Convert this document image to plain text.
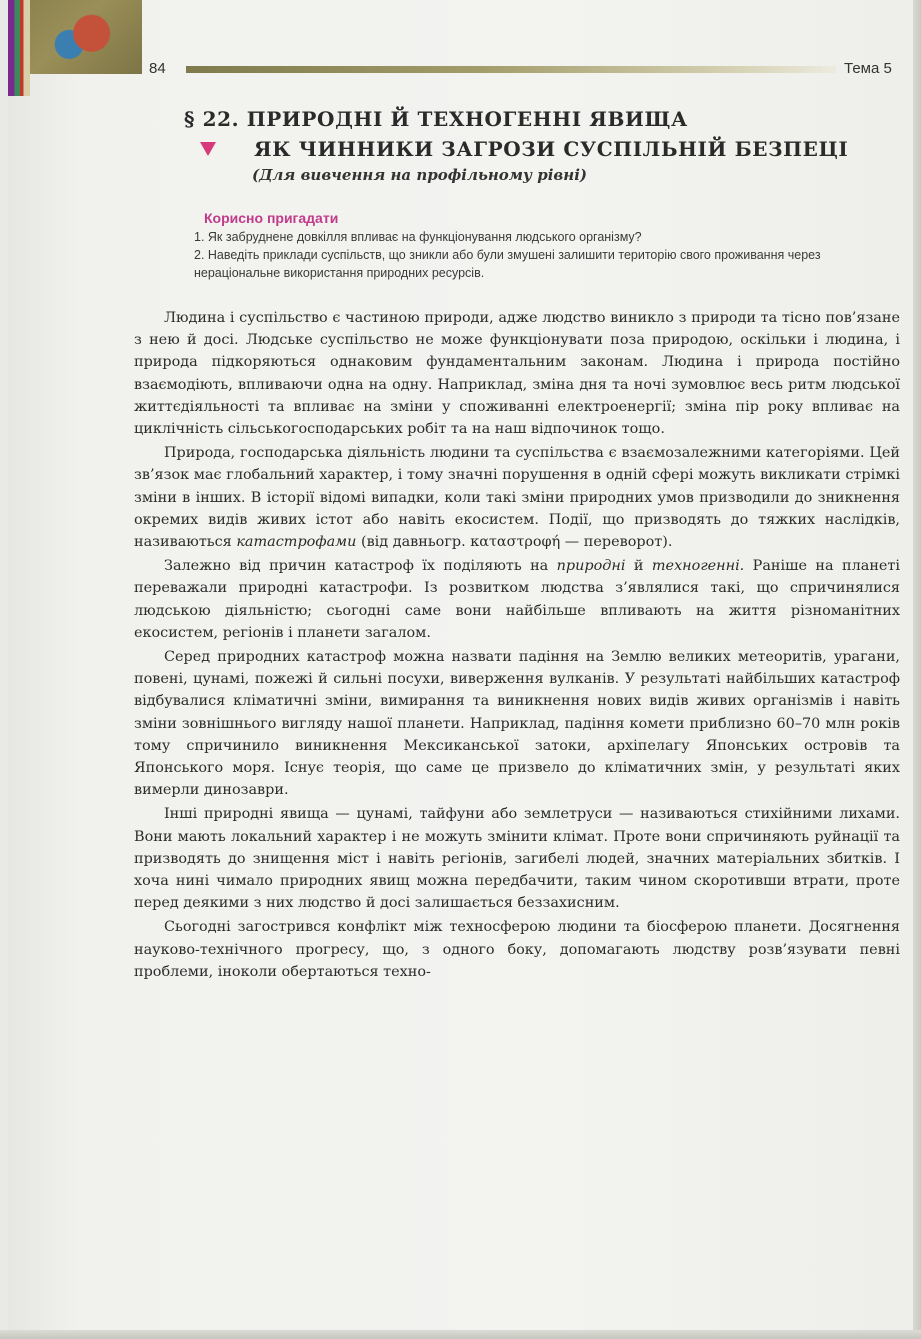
84	Тема 5
§ 22. ПРИРОДНІ Й ТЕХНОГЕННІ ЯВИЩА
ЯК ЧИННИКИ ЗАГРОЗИ СУСПІЛЬНІЙ БЕЗПЕЦІ
(Для вивчення на профільному рівні)
Корисно пригадати
1. Як забруднене довкілля впливає на функціонування людського організму?
2. Наведіть приклади суспільств, що зникли або були змушені залишити територію свого проживання через нераціональне використання природних ресурсів.

Людина і суспільство є частиною природи, адже людство виникло з природи та тісно пов’язане з нею й досі. Людське суспільство не може функціонувати поза природою, оскільки і людина, і природа підкоряються однаковим фундаментальним законам. Людина і природа постійно взаємодіють, впливаючи одна на одну. Наприклад, зміна дня та ночі зумовлює весь ритм людської життєдіяльності та впливає на зміни у споживанні електроенергії; зміна пір року впливає на циклічність сільськогосподарських робіт та на наш відпочинок тощо.

Природа, господарська діяльність людини та суспільства є взаємозалежними категоріями. Цей зв’язок має глобальний характер, і тому значні порушення в одній сфері можуть викликати стрімкі зміни в інших. В історії відомі випадки, коли такі зміни природних умов призводили до зникнення окремих видів живих істот або навіть екосистем. Події, що призводять до тяжких наслідків, називаються катастрофами (від давньогр. καταστροφή — переворот).

Залежно від причин катастроф їх поділяють на природні й техногенні. Раніше на планеті переважали природні катастрофи. Із розвитком людства з’являлися такі, що спричинялися людською діяльністю; сьогодні саме вони найбільше впливають на життя різноманітних екосистем, регіонів і планети загалом.

Серед природних катастроф можна назвати падіння на Землю великих метеоритів, урагани, повені, цунамі, пожежі й сильні посухи, виверження вулканів. У результаті найбільших катастроф відбувалися кліматичні зміни, вимирання та виникнення нових видів живих організмів і навіть зміни зовнішнього вигляду нашої планети. Наприклад, падіння комети приблизно 60–70 млн років тому спричинило виникнення Мексиканської затоки, архіпелагу Японських островів та Японського моря. Існує теорія, що саме це призвело до кліматичних змін, у результаті яких вимерли динозаври.

Інші природні явища — цунамі, тайфуни або землетруси — називаються стихійними лихами. Вони мають локальний характер і не можуть змінити клімат. Проте вони спричиняють руйнації та призводять до знищення міст і навіть регіонів, загибелі людей, значних матеріальних збитків. І хоча нині чимало природних явищ можна передбачити, таким чином скоротивши втрати, проте перед деякими з них людство й досі залишається беззахисним.

Сьогодні загострився конфлікт між техносферою людини та біосферою планети. Досягнення науково-технічного прогресу, що, з одного боку, допомагають людству розв’язувати певні проблеми, іноколи обертаються техно-
